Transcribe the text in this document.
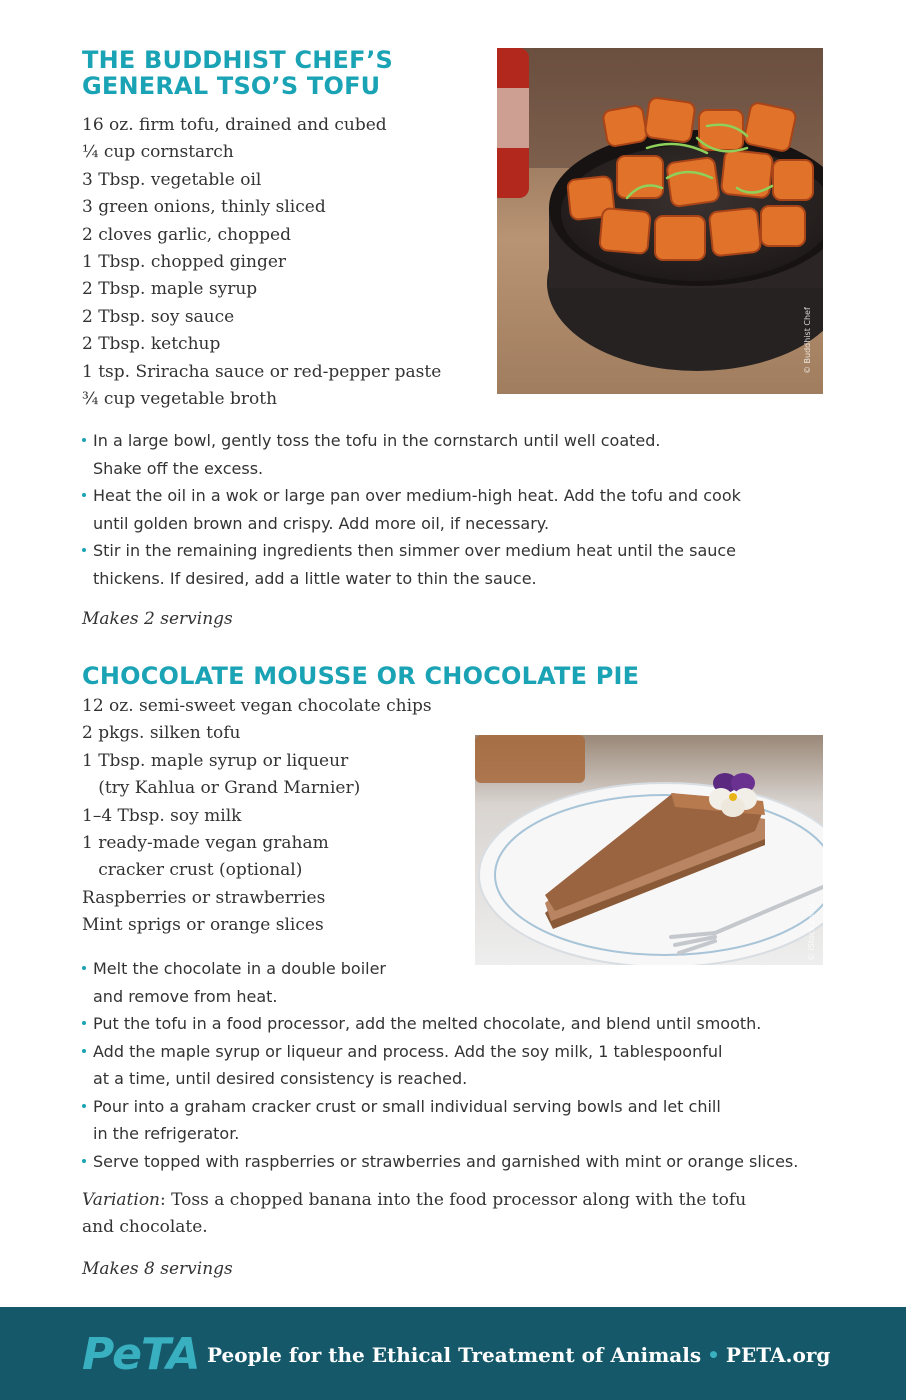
THE BUDDHIST CHEF’S
GENERAL TSO’S TOFU
16 oz. firm tofu, drained and cubed
¼ cup cornstarch
3 Tbsp. vegetable oil
3 green onions, thinly sliced
2 cloves garlic, chopped
1 Tbsp. chopped ginger
2 Tbsp. maple syrup
2 Tbsp. soy sauce
2 Tbsp. ketchup
1 tsp. Sriracha sauce or red-pepper paste
¾ cup vegetable broth
© Buddhist Chef
In a large bowl, gently toss the tofu in the cornstarch until well coated.
Shake off the excess.
Heat the oil in a wok or large pan over medium-high heat. Add the tofu and cook
until golden brown and crispy. Add more oil, if necessary.
Stir in the remaining ingredients then simmer over medium heat until the sauce
thickens. If desired, add a little water to thin the sauce.

Makes 2 servings

CHOCOLATE MOUSSE OR CHOCOLATE PIE
12 oz. semi-sweet vegan chocolate chips
2 pkgs. silken tofu
1 Tbsp. maple syrup or liqueur
(try Kahlua or Grand Marnier)
1–4 Tbsp. soy milk
1 ready-made vegan graham
cracker crust (optional)
Raspberries or strawberries
Mint sprigs or orange slices	© iStock.com/...
Melt the chocolate in a double boiler
and remove from heat.
Put the tofu in a food processor, add the melted chocolate, and blend until smooth.
Add the maple syrup or liqueur and process. Add the soy milk, 1 tablespoonful
at a time, until desired consistency is reached.
Pour into a graham cracker crust or small individual serving bowls and let chill
in the refrigerator.
Serve topped with raspberries or strawberries and garnished with mint or orange slices.

Variation: Toss a chopped banana into the food processor along with the tofu
and chocolate.

Makes 8 servings

PeTA People for the Ethical Treatment of Animals • PETA.org
